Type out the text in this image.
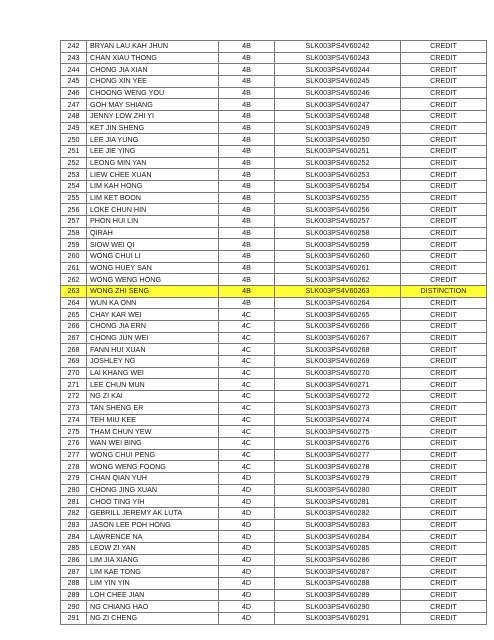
242	BRYAN LAU KAH JHUN	4B	SLK003PS4V60242	CREDIT
243	CHAN XIAU THONG	4B	SLK003PS4V60243	CREDIT
244	CHONG JIA XIAN	4B	SLK003PS4V60244	CREDIT
245	CHONG XIN YEE	4B	SLK003PS4V60245	CREDIT
246	CHOONG WENG YOU	4B	SLK003PS4V60246	CREDIT
247	GOH MAY SHIANG	4B	SLK003PS4V60247	CREDIT
248	JENNY LOW ZHI YI	4B	SLK003PS4V60248	CREDIT
249	KET JIN SHENG	4B	SLK003PS4V60249	CREDIT
250	LEE JIA YUNG	4B	SLK003PS4V60250	CREDIT
251	LEE JIE YING	4B	SLK003PS4V60251	CREDIT
252	LEONG MIN YAN	4B	SLK003PS4V60252	CREDIT
253	LIEW CHEE XUAN	4B	SLK003PS4V60253	CREDIT
254	LIM KAH HONG	4B	SLK003PS4V60254	CREDIT
255	LIM KET BOON	4B	SLK003PS4V60255	CREDIT
256	LOKE CHUN HIN	4B	SLK003PS4V60256	CREDIT
257	PHON HUI LIN	4B	SLK003PS4V60257	CREDIT
258	QIRAH	4B	SLK003PS4V60258	CREDIT
259	SIOW WEI QI	4B	SLK003PS4V60259	CREDIT
260	WONG CHUI LI	4B	SLK003PS4V60260	CREDIT
261	WONG HUEY SAN	4B	SLK003PS4V60261	CREDIT
262	WONG WENG HONG	4B	SLK003PS4V60262	CREDIT
263	WONG ZHI SENG	4B	SLK003PS4V60263	DISTINCTION
264	WUN KA ONN	4B	SLK003PS4V60264	CREDIT
265	CHAY KAR WEI	4C	SLK003PS4V60265	CREDIT
266	CHONG JIA ERN	4C	SLK003PS4V60266	CREDIT
267	CHONG JUN WEI	4C	SLK003PS4V60267	CREDIT
268	FANN HUI XUAN	4C	SLK003PS4V60268	CREDIT
269	JOSHLEY NG	4C	SLK003PS4V60269	CREDIT
270	LAI KHANG WEI	4C	SLK003PS4V60270	CREDIT
271	LEE CHUN MUN	4C	SLK003PS4V60271	CREDIT
272	NG ZI KAI	4C	SLK003PS4V60272	CREDIT
273	TAN SHENG ER	4C	SLK003PS4V60273	CREDIT
274	TEH MIU KEE	4C	SLK003PS4V60274	CREDIT
275	THAM CHUN YEW	4C	SLK003PS4V60275	CREDIT
276	WAN WEI BING	4C	SLK003PS4V60276	CREDIT
277	WONG CHUI PENG	4C	SLK003PS4V60277	CREDIT
278	WONG WENG FOONG	4C	SLK003PS4V60278	CREDIT
279	CHAN QIAN YUH	4D	SLK003PS4V60279	CREDIT
280	CHONG JING XUAN	4D	SLK003PS4V60280	CREDIT
281	CHOO TING YIH	4D	SLK003PS4V60281	CREDIT
282	GEBRILL JEREMY AK LUTA	4D	SLK003PS4V60282	CREDIT
283	JASON LEE POH HONG	4D	SLK003PS4V60283	CREDIT
284	LAWRENCE NA	4D	SLK003PS4V60284	CREDIT
285	LEOW ZI YAN	4D	SLK003PS4V60285	CREDIT
286	LIM JIA XIANG	4D	SLK003PS4V60286	CREDIT
287	LIM KAE TONG	4D	SLK003PS4V60287	CREDIT
288	LIM YIN YIN	4D	SLK003PS4V60288	CREDIT
289	LOH CHEE JIAN	4D	SLK003PS4V60289	CREDIT
290	NG CHIANG HAO	4D	SLK003PS4V60290	CREDIT
291	NG ZI CHENG	4D	SLK003PS4V60291	CREDIT
